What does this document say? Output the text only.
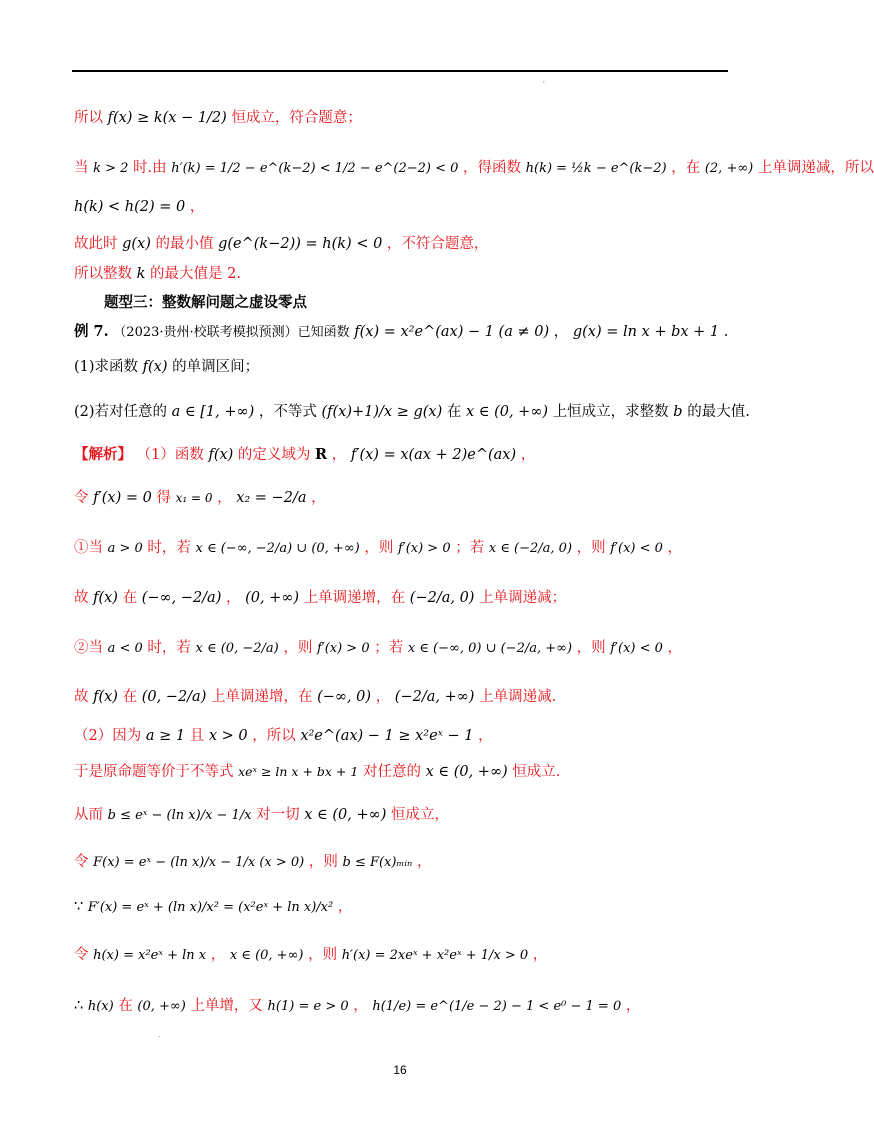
′
所以 f(x) ≥ k(x − 1/2) 恒成立，符合题意；
当 k > 2 时.由 h′(k) = 1/2 − e^(k−2) < 1/2 − e^(2−2) < 0 ，得函数 h(k) = ½k − e^(k−2) ，在 (2, +∞) 上单调递减，所以
h(k) < h(2) = 0 ，
故此时 g(x) 的最小值 g(e^(k−2)) = h(k) < 0 ，不符合题意，
所以整数 k 的最大值是 2.
题型三：整数解问题之虚设零点
例 7. （2023·贵州·校联考模拟预测）已知函数 f(x) = x²e^(ax) − 1 (a ≠ 0) ， g(x) = ln x + bx + 1 .
(1)求函数 f(x) 的单调区间；
(2)若对任意的 a ∈ [1, +∞) ，不等式 (f(x)+1)/x ≥ g(x) 在 x ∈ (0, +∞) 上恒成立，求整数 b 的最大值.
【解析】 （1）函数 f(x) 的定义域为 R ， f′(x) = x(ax + 2)e^(ax) ，
令 f′(x) = 0 得 x₁ = 0 ， x₂ = −2/a ，
①当 a > 0 时，若 x ∈ (−∞, −2/a) ∪ (0, +∞) ，则 f′(x) > 0 ；若 x ∈ (−2/a, 0) ，则 f′(x) < 0 ，
故 f(x) 在 (−∞, −2/a) ， (0, +∞) 上单调递增，在 (−2/a, 0) 上单调递减；
②当 a < 0 时，若 x ∈ (0, −2/a) ，则 f′(x) > 0 ；若 x ∈ (−∞, 0) ∪ (−2/a, +∞) ，则 f′(x) < 0 ，
故 f(x) 在 (0, −2/a) 上单调递增，在 (−∞, 0) ， (−2/a, +∞) 上单调递减.
（2）因为 a ≥ 1 且 x > 0 ，所以 x²e^(ax) − 1 ≥ x²eˣ − 1 ，
于是原命题等价于不等式 xeˣ ≥ ln x + bx + 1 对任意的 x ∈ (0, +∞) 恒成立.
从而 b ≤ eˣ − (ln x)/x − 1/x 对一切 x ∈ (0, +∞) 恒成立，
令 F(x) = eˣ − (ln x)/x − 1/x (x > 0) ，则 b ≤ F(x)ₘᵢₙ ，
∵ F′(x) = eˣ + (ln x)/x² = (x²eˣ + ln x)/x² ，
令 h(x) = x²eˣ + ln x ， x ∈ (0, +∞) ，则 h′(x) = 2xeˣ + x²eˣ + 1/x > 0 ，
∴ h(x) 在 (0, +∞) 上单增，又 h(1) = e > 0 ， h(1/e) = e^(1/e − 2) − 1 < e⁰ − 1 = 0 ，
.
16
